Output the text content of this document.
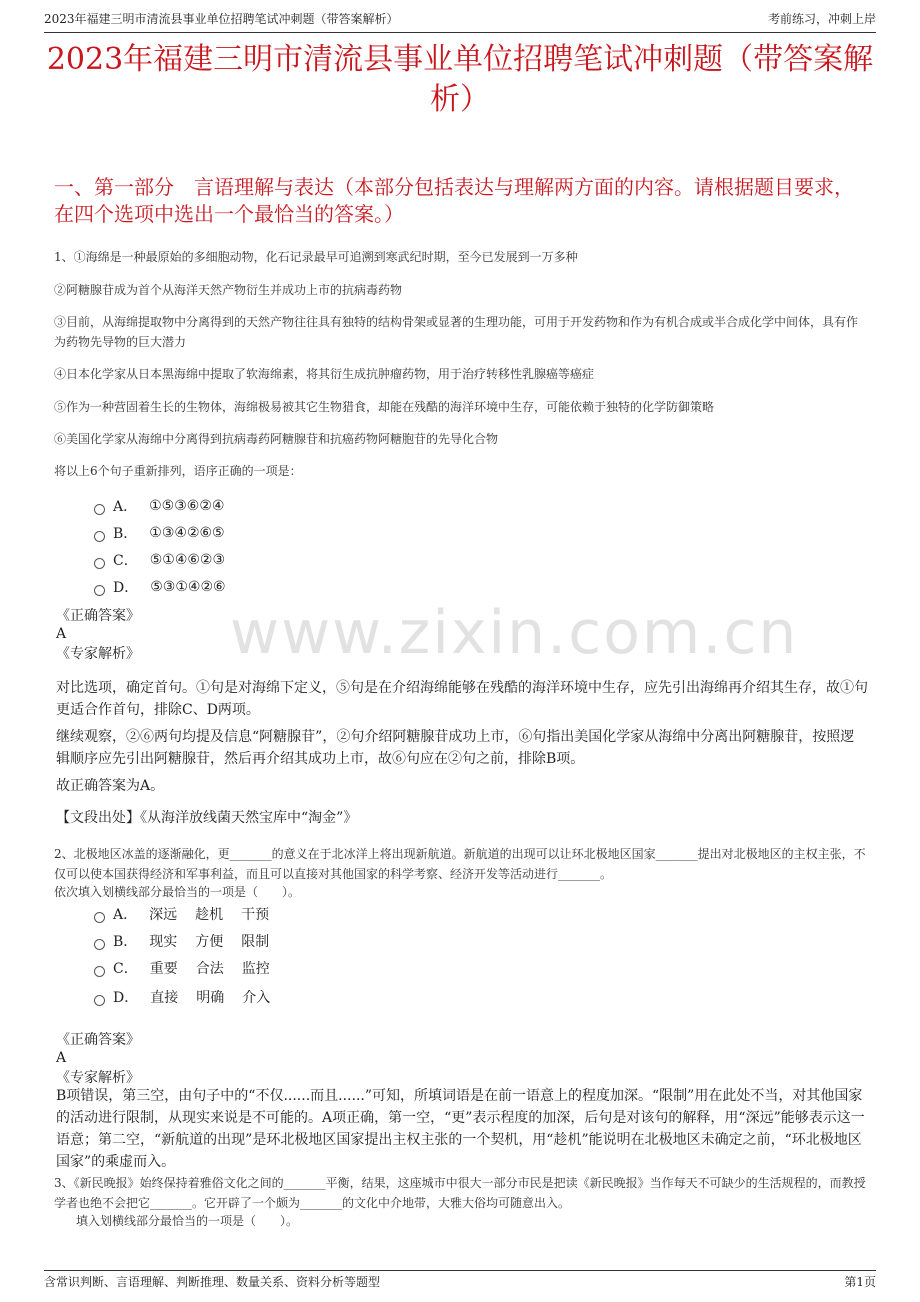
2023年福建三明市清流县事业单位招聘笔试冲刺题（带答案解析）	考前练习，冲刺上岸
2023年福建三明市清流县事业单位招聘笔试冲刺题（带答案解析）
一、第一部分　言语理解与表达（本部分包括表达与理解两方面的内容。请根据题目要求，在四个选项中选出一个最恰当的答案。）
www.zixin.com.cn
1、①海绵是一种最原始的多细胞动物，化石记录最早可追溯到寒武纪时期，至今已发展到一万多种
②阿糖腺苷成为首个从海洋天然产物衍生并成功上市的抗病毒药物
③目前，从海绵提取物中分离得到的天然产物往往具有独特的结构骨架或显著的生理功能，可用于开发药物和作为有机合成或半合成化学中间体，具有作为药物先导物的巨大潜力
④日本化学家从日本黑海绵中提取了软海绵素，将其衍生成抗肿瘤药物，用于治疗转移性乳腺癌等癌症
⑤作为一种营固着生长的生物体，海绵极易被其它生物猎食，却能在残酷的海洋环境中生存，可能依赖于独特的化学防御策略
⑥美国化学家从海绵中分离得到抗病毒药阿糖腺苷和抗癌药物阿糖胞苷的先导化合物
将以上6个句子重新排列，语序正确的一项是：
A． ①⑤③⑥②④
B． ①③④②⑥⑤
C． ⑤①④⑥②③
D． ⑤③①④②⑥
《正确答案》
A
《专家解析》
对比选项，确定首句。①句是对海绵下定义，⑤句是在介绍海绵能够在残酷的海洋环境中生存，应先引出海绵再介绍其生存，故①句更适合作首句，排除C、D两项。
继续观察，②⑥两句均提及信息“阿糖腺苷”，②句介绍阿糖腺苷成功上市，⑥句指出美国化学家从海绵中分离出阿糖腺苷，按照逻辑顺序应先引出阿糖腺苷，然后再介绍其成功上市，故⑥句应在②句之前，排除B项。
故正确答案为A。
【文段出处】《从海洋放线菌天然宝库中“淘金”》
2、北极地区冰盖的逐渐融化，更_______的意义在于北冰洋上将出现新航道。新航道的出现可以让环北极地区国家_______提出对北极地区的主权主张，不仅可以使本国获得经济和军事利益，而且可以直接对其他国家的科学考察、经济开发等活动进行_______。
依次填入划横线部分最恰当的一项是（　　）。
A． 深远 趁机 干预
B． 现实 方便 限制
C． 重要 合法 监控
D． 直接 明确 介入
《正确答案》
A
《专家解析》
B项错误，第三空，由句子中的“不仅......而且......”可知，所填词语是在前一语意上的程度加深。“限制”用在此处不当，对其他国家的活动进行限制，从现实来说是不可能的。A项正确，第一空，“更”表示程度的加深，后句是对该句的解释，用“深远”能够表示这一语意；第二空，“新航道的出现”是环北极地区国家提出主权主张的一个契机，用“趁机”能说明在北极地区未确定之前，“环北极地区国家”的乘虚而入。
3、《新民晚报》始终保持着雅俗文化之间的_______平衡，结果，这座城市中很大一部分市民是把读《新民晚报》当作每天不可缺少的生活规程的，而教授学者也绝不会把它_______。它开辟了一个颇为_______的文化中介地带，大雅大俗均可随意出入。
填入划横线部分最恰当的一项是（　　）。
含常识判断、言语理解、判断推理、数量关系、资料分析等题型	第1页
